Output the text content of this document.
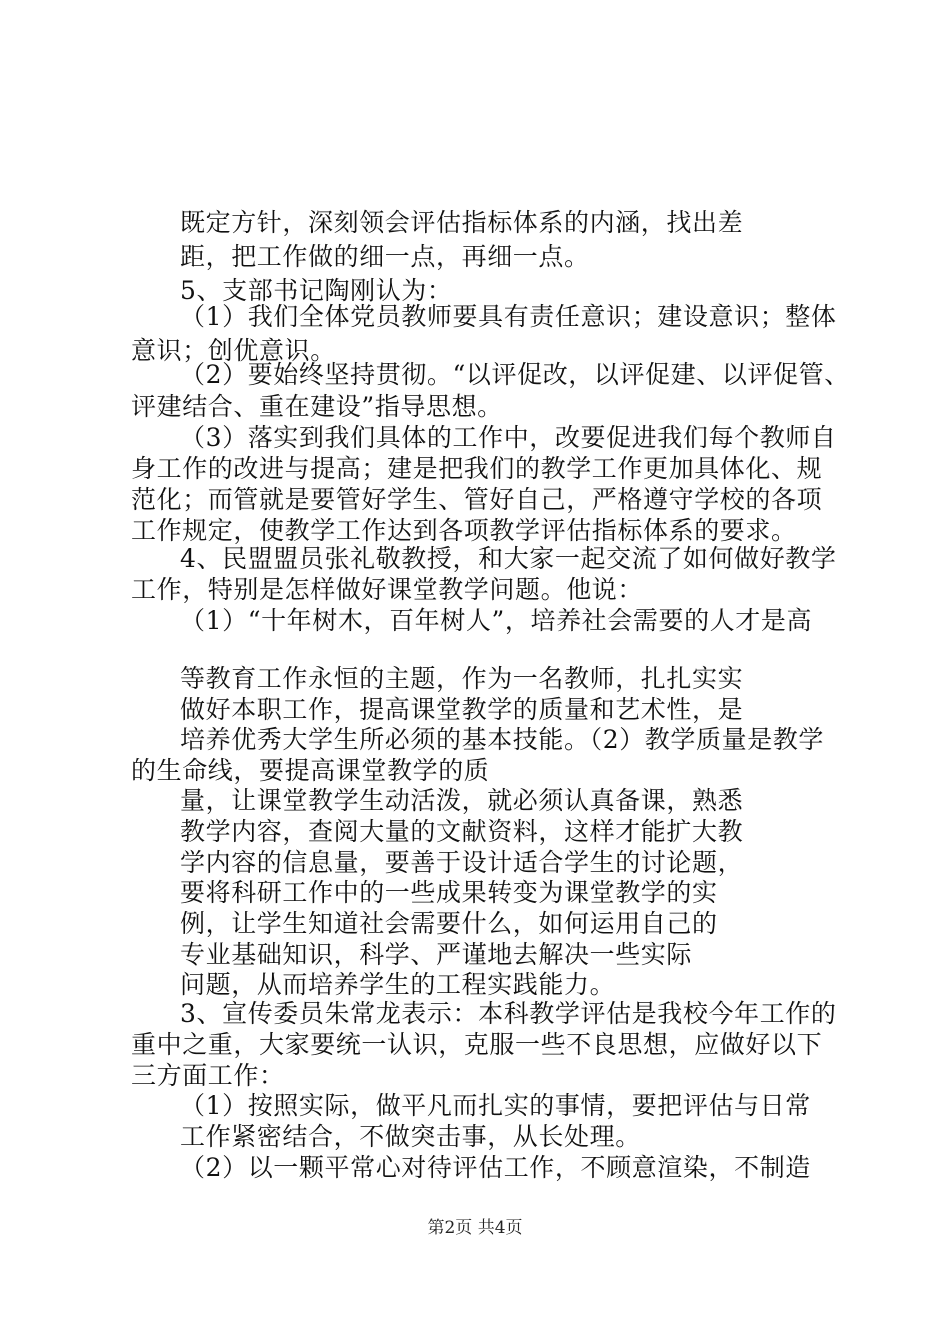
既定方针，深刻领会评估指标体系的内涵，找出差

距，把工作做的细一点，再细一点。

5、支部书记陶刚认为：

（1）我们全体党员教师要具有责任意识；建设意识；整体

意识；创优意识。

（2）要始终坚持贯彻。“以评促改，以评促建、以评促管、

评建结合、重在建设”指导思想。

（3）落实到我们具体的工作中，改要促进我们每个教师自

身工作的改进与提高；建是把我们的教学工作更加具体化、规

范化；而管就是要管好学生、管好自己，严格遵守学校的各项

工作规定，使教学工作达到各项教学评估指标体系的要求。

4、民盟盟员张礼敬教授，和大家一起交流了如何做好教学

工作，特别是怎样做好课堂教学问题。他说：

（1）“十年树木，百年树人”，培养社会需要的人才是高

等教育工作永恒的主题，作为一名教师，扎扎实实

做好本职工作，提高课堂教学的质量和艺术性，是

培养优秀大学生所必须的基本技能。（2）教学质量是教学

的生命线，要提高课堂教学的质

量，让课堂教学生动活泼，就必须认真备课，熟悉

教学内容，查阅大量的文献资料，这样才能扩大教

学内容的信息量，要善于设计适合学生的讨论题，

要将科研工作中的一些成果转变为课堂教学的实

例，让学生知道社会需要什么，如何运用自己的

专业基础知识，科学、严谨地去解决一些实际

问题，从而培养学生的工程实践能力。

3、宣传委员朱常龙表示：本科教学评估是我校今年工作的

重中之重，大家要统一认识，克服一些不良思想，应做好以下

三方面工作：

（1）按照实际，做平凡而扎实的事情，要把评估与日常

工作紧密结合，不做突击事，从长处理。

（2）以一颗平常心对待评估工作，不顾意渲染，不制造

第2页 共4页
